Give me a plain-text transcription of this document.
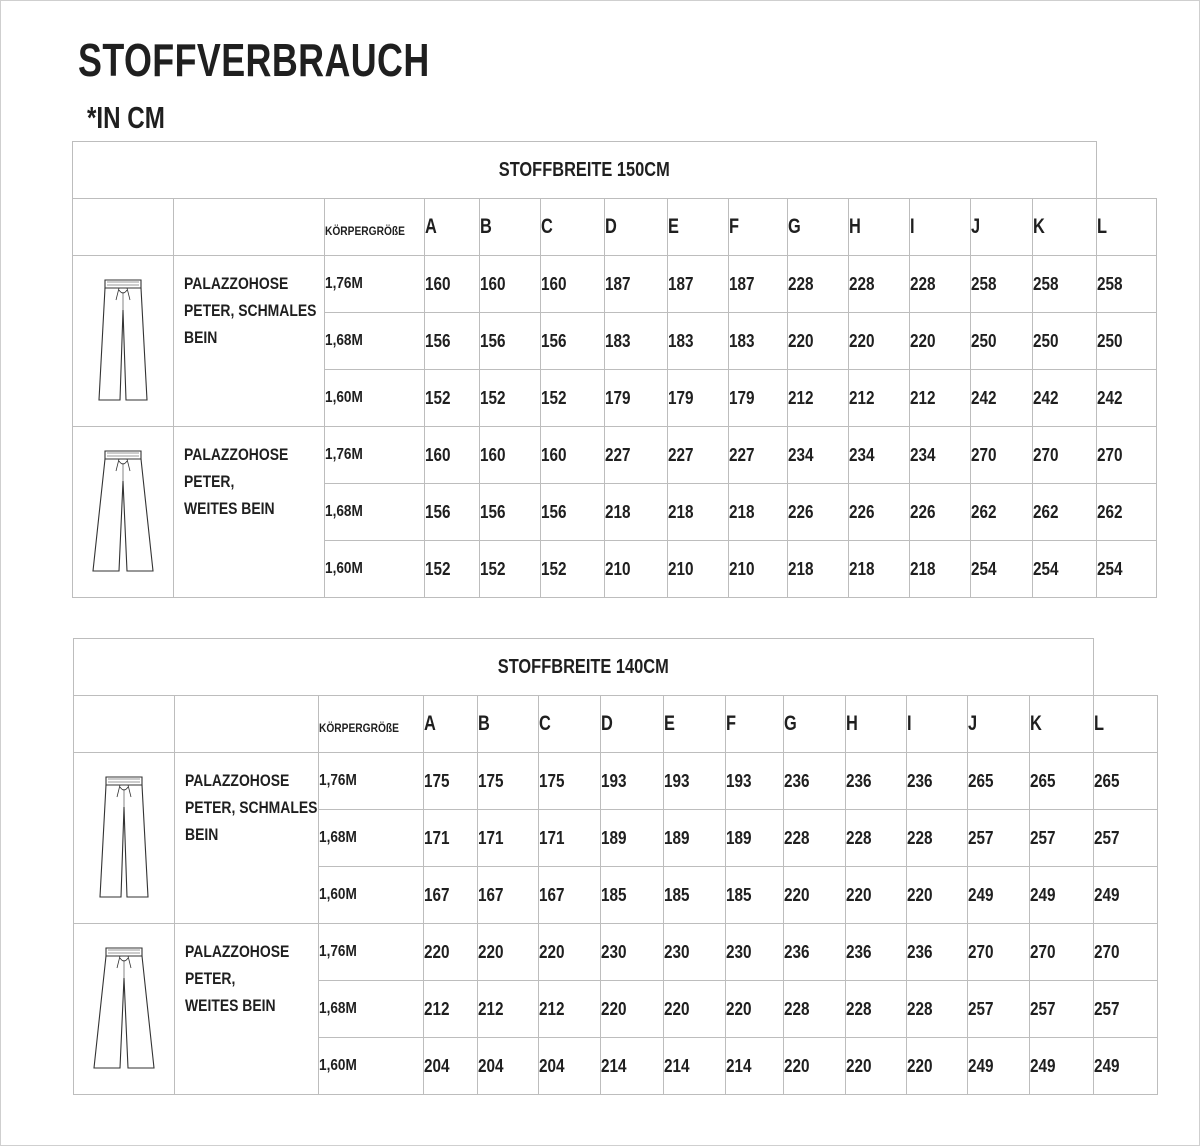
STOFFVERBRAUCH

*IN CM

STOFFBREITE 150CM														
		KÖRPERGRÖßE	A	B	C	D	E	F	G	H	I	J	K	L

PALAZZOHOSE
PETER, SCHMALES
BEIN	1,76M	160	160	160	187	187	187	228	228	228	258	258	258
		1,68M	156	156	156	183	183	183	220	220	220	250	250	250
		1,60M	152	152	152	179	179	179	212	212	212	242	242	242

PALAZZOHOSE
PETER,
WEITES BEIN	1,76M	160	160	160	227	227	227	234	234	234	270	270	270
		1,68M	156	156	156	218	218	218	226	226	226	262	262	262
		1,60M	152	152	152	210	210	210	218	218	218	254	254	254
STOFFBREITE 140CM														
		KÖRPERGRÖßE	A	B	C	D	E	F	G	H	I	J	K	L

PALAZZOHOSE
PETER, SCHMALES
BEIN	1,76M	175	175	175	193	193	193	236	236	236	265	265	265
		1,68M	171	171	171	189	189	189	228	228	228	257	257	257
		1,60M	167	167	167	185	185	185	220	220	220	249	249	249

PALAZZOHOSE
PETER,
WEITES BEIN	1,76M	220	220	220	230	230	230	236	236	236	270	270	270
		1,68M	212	212	212	220	220	220	228	228	228	257	257	257
		1,60M	204	204	204	214	214	214	220	220	220	249	249	249
